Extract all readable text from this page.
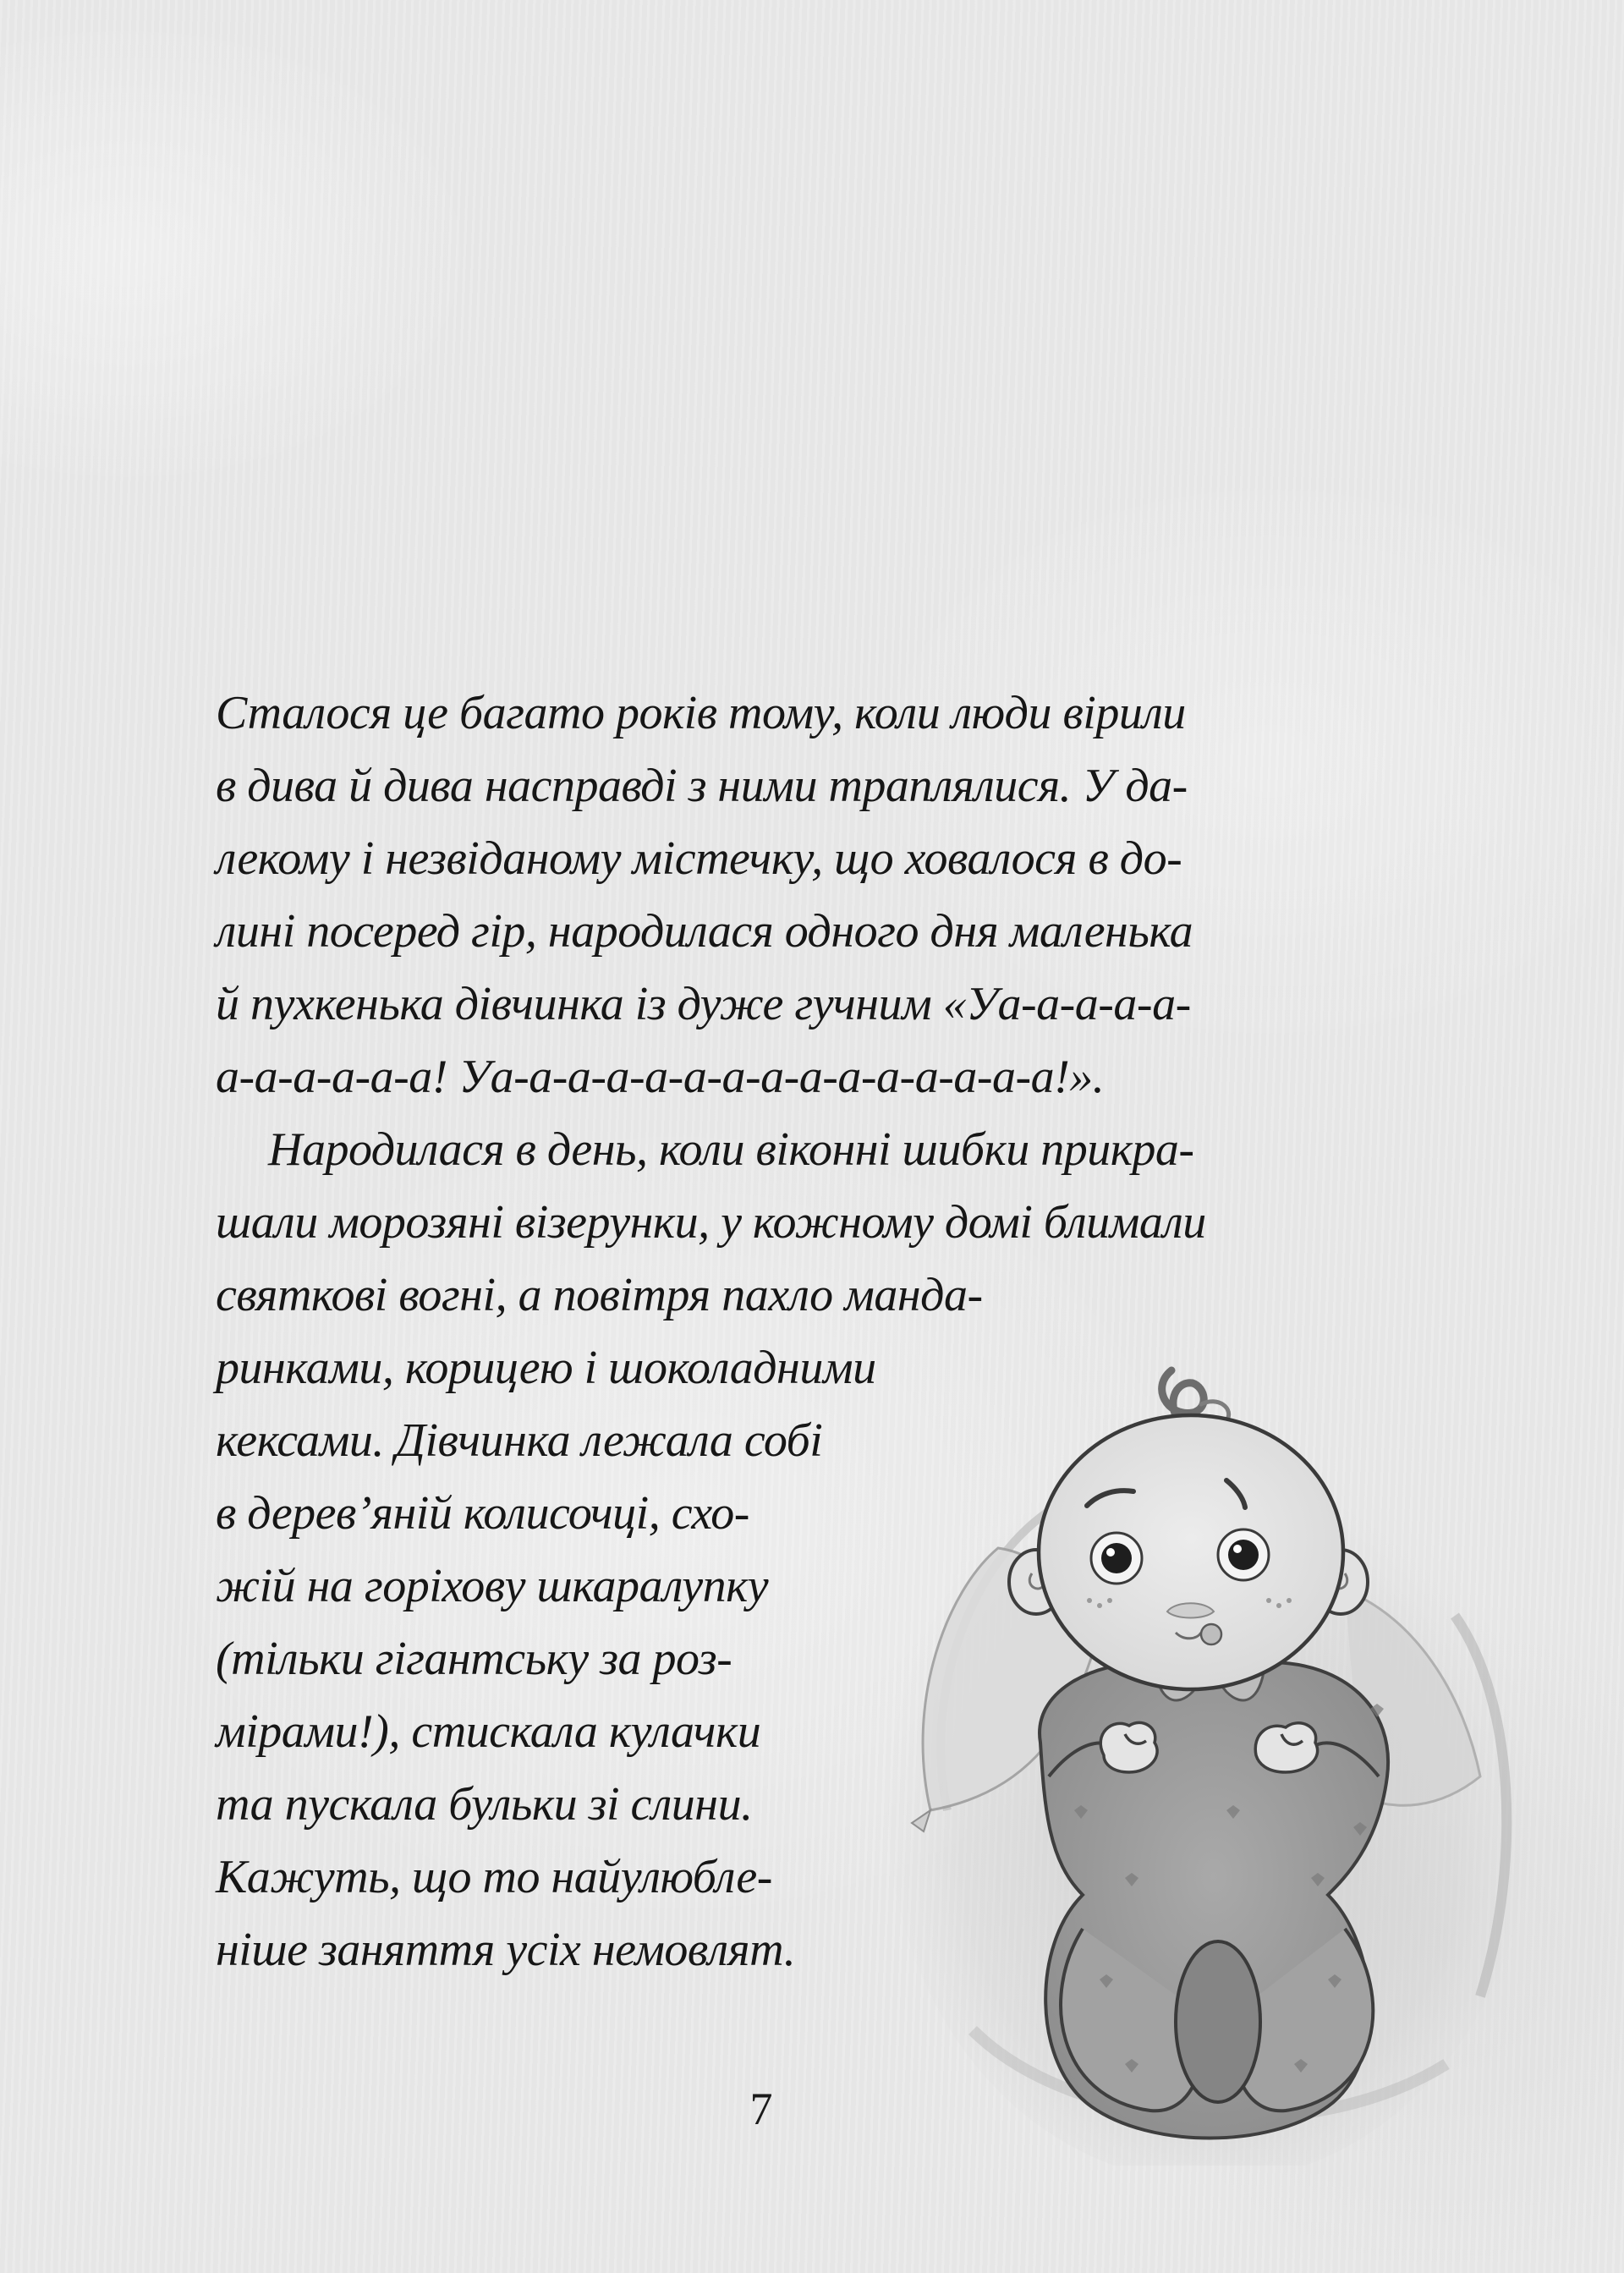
Сталося це багато років тому, коли люди вірили
в дива й дива насправді з ними траплялися. У да-
лекому і незвіданому містечку, що ховалося в до-
лині посеред гір, народилася одного дня маленька
й пухкенька дівчинка із дуже гучним «Уа-а-а-а-а-
а-а-а-а-а-а! Уа-а-а-а-а-а-а-а-а-а-а-а-а-а-а!».
Народилася в день, коли віконні шибки прикра-
шали морозяні візерунки, у кожному домі блимали
святкові вогні, а повітря пахло манда-
ринками, корицею і шоколадними
кексами. Дівчинка лежала собі
в дерев’яній колисочці, схо-
жій на горіхову шкаралупку
(тільки гігантську за роз-
мірами!), стискала кулачки
та пускала бульки зі слини.
Кажуть, що то найулюбле-
ніше заняття усіх немовлят.
7
